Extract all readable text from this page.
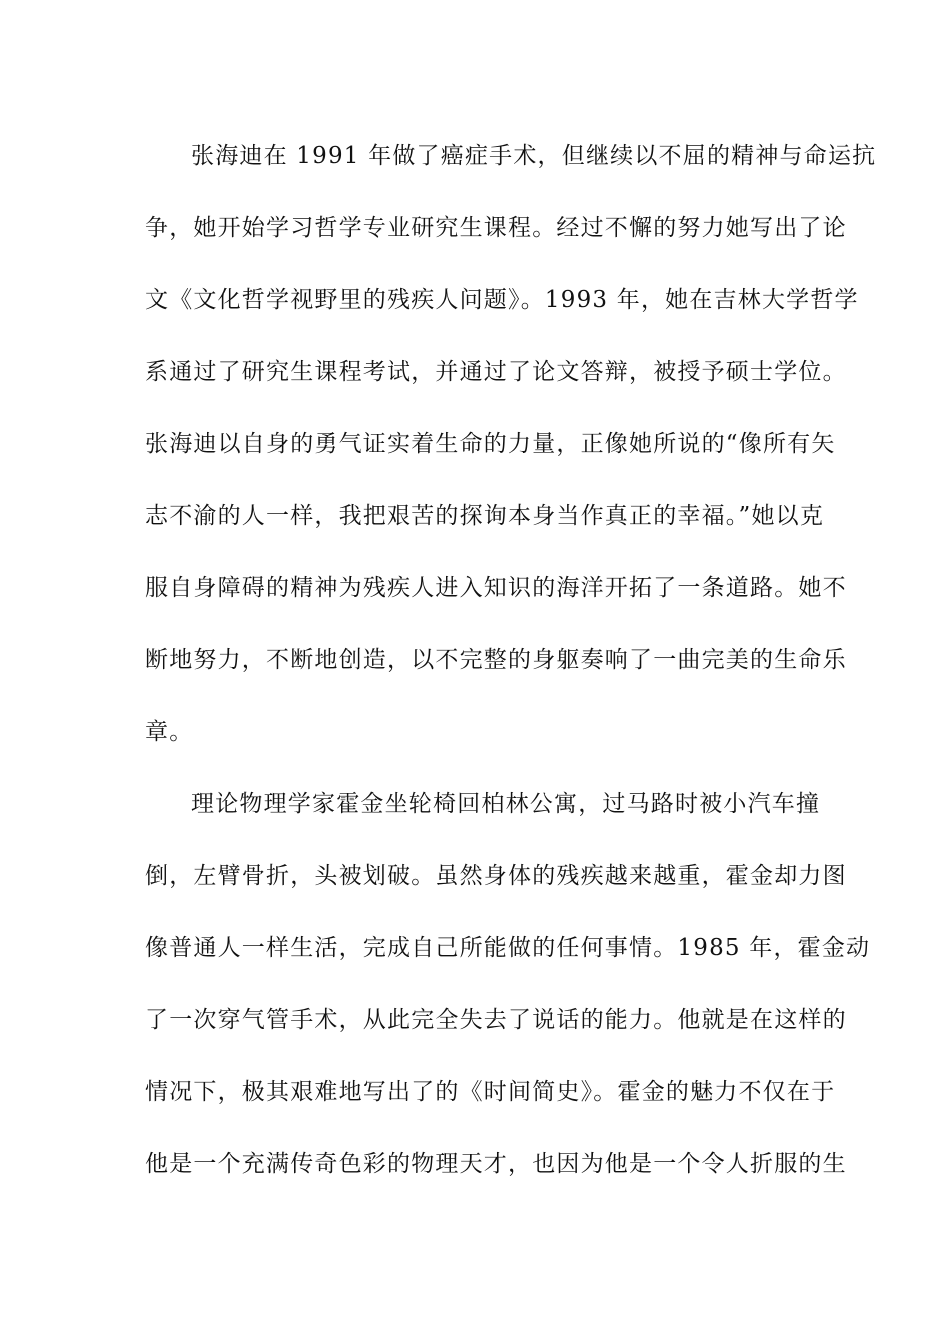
张海迪在 1991 年做了癌症手术，但继续以不屈的精神与命运抗
争，她开始学习哲学专业研究生课程。经过不懈的努力她写出了论
文《文化哲学视野里的残疾人问题》。1993 年，她在吉林大学哲学
系通过了研究生课程考试，并通过了论文答辩，被授予硕士学位。
张海迪以自身的勇气证实着生命的力量，正像她所说的“像所有矢
志不渝的人一样，我把艰苦的探询本身当作真正的幸福。”她以克
服自身障碍的精神为残疾人进入知识的海洋开拓了一条道路。她不
断地努力，不断地创造，以不完整的身躯奏响了一曲完美的生命乐
章。
理论物理学家霍金坐轮椅回柏林公寓，过马路时被小汽车撞
倒，左臂骨折，头被划破。虽然身体的残疾越来越重，霍金却力图
像普通人一样生活，完成自己所能做的任何事情。1985 年，霍金动
了一次穿气管手术，从此完全失去了说话的能力。他就是在这样的
情况下，极其艰难地写出了的《时间简史》。霍金的魅力不仅在于
他是一个充满传奇色彩的物理天才，也因为他是一个令人折服的生
